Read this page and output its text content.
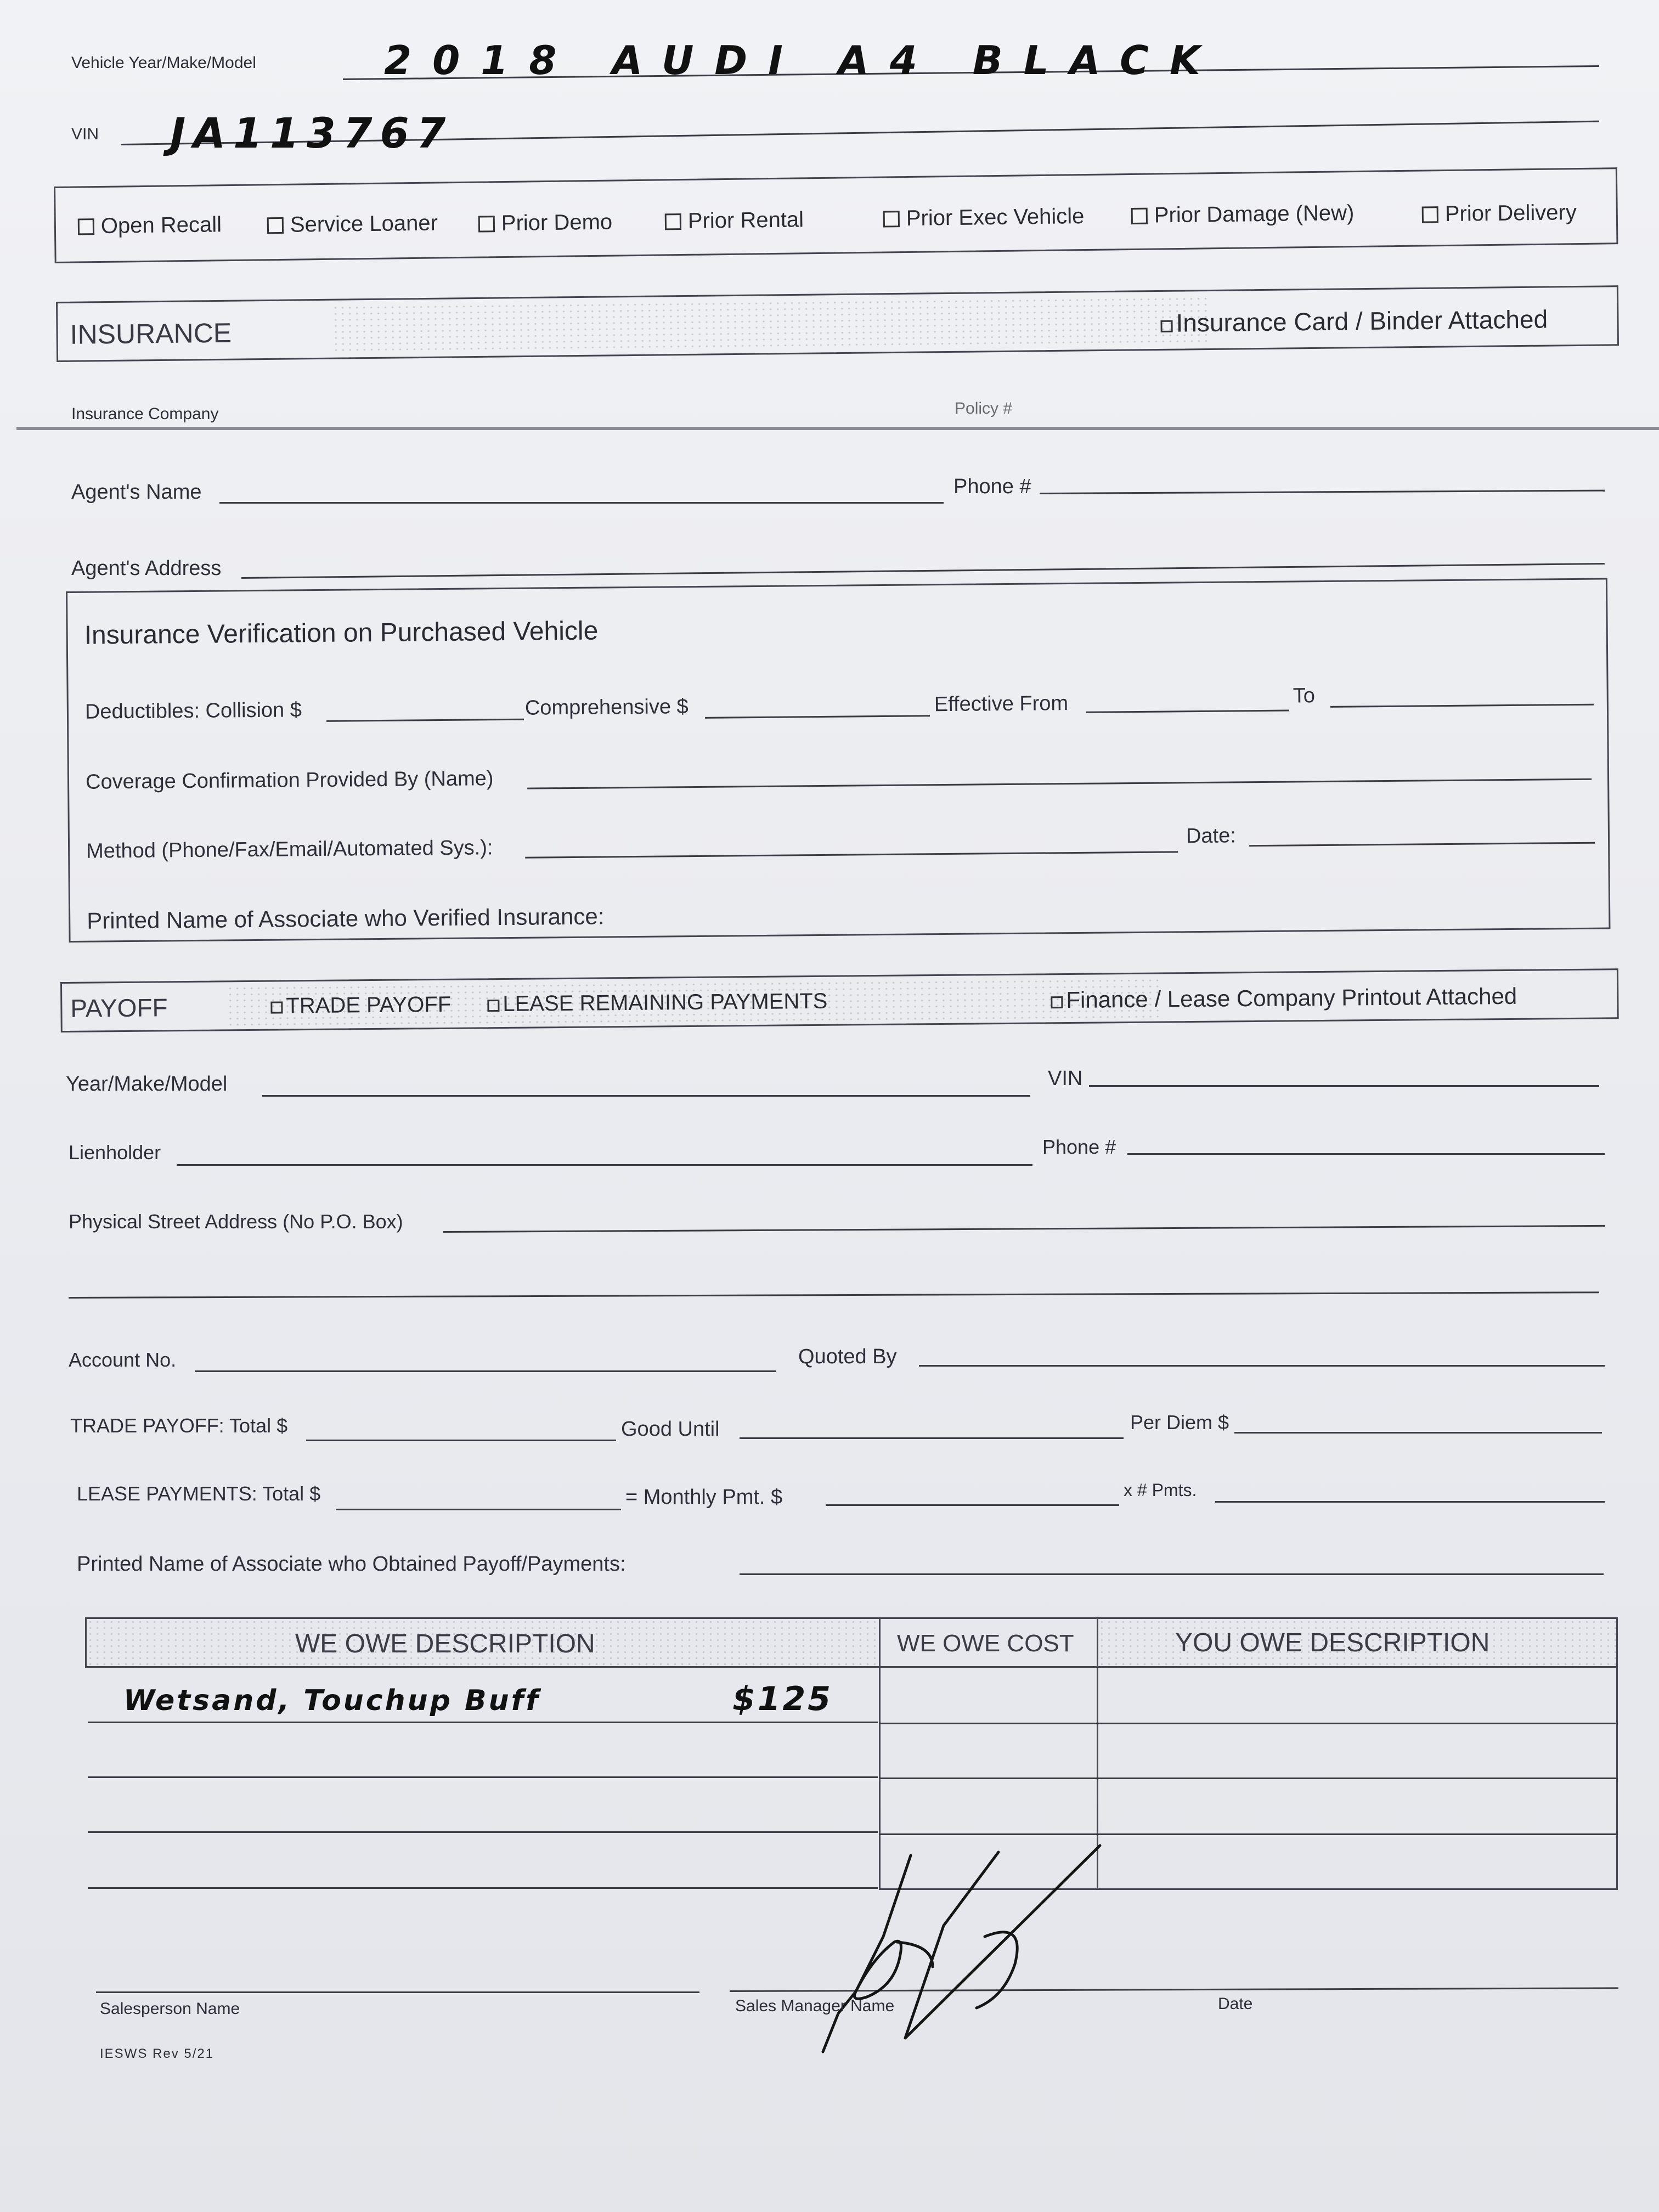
Vehicle Year/Make/Model	2018 AUDI A4 BLACK
VIN JA113767
Open Recall	Service Loaner	Prior Demo	Prior Rental	Prior Exec Vehicle	Prior Damage (New)	Prior Delivery
INSURANCE	Insurance Card / Binder Attached
Insurance Company	Policy #
Agent's Name	Phone #
Agent's Address
Insurance Verification on Purchased Vehicle
Deductibles: Collision $	Comprehensive $	Effective From	To
Coverage Confirmation Provided By (Name)
Method (Phone/Fax/Email/Automated Sys.):
Date:
Printed Name of Associate who Verified Insurance:
PAYOFF	TRADE PAYOFF	LEASE REMAINING PAYMENTS	Finance / Lease Company Printout Attached
Year/Make/Model	VIN
Lienholder	Phone #
Physical Street Address (No P.O. Box)
Account No.	Quoted By
TRADE PAYOFF: Total $	Good Until	Per Diem $
LEASE PAYMENTS: Total $	= Monthly Pmt. $	x # Pmts.
Printed Name of Associate who Obtained Payoff/Payments:
WE OWE DESCRIPTION	WE OWE COST	YOU OWE DESCRIPTION
Wetsand, Touchup Buff	$125
Salesperson Name	Sales Manager Name	Date
IESWS Rev 5/21
